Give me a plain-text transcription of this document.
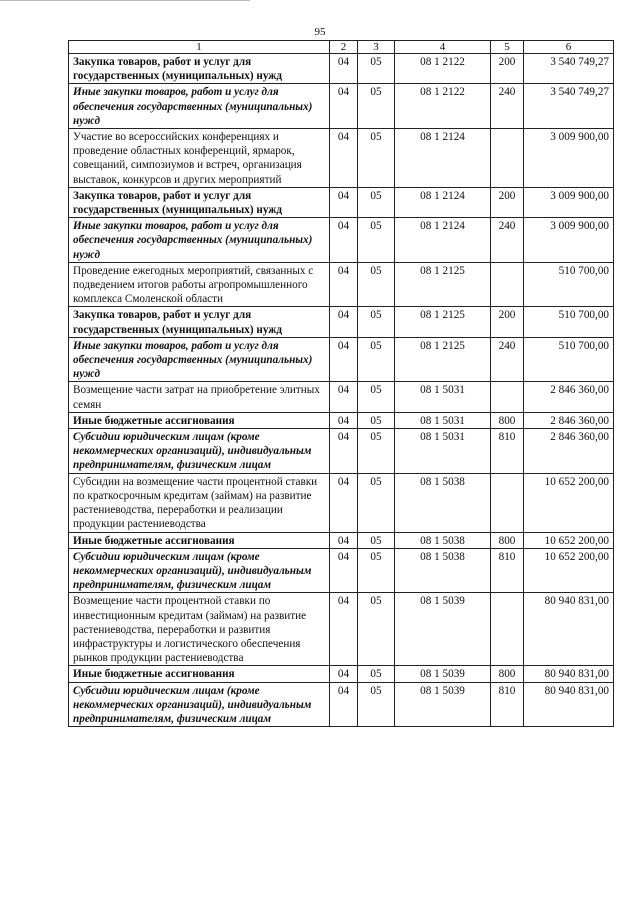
95
1	2	3	4	5	6
Закупка товаров, работ и услуг для государственных (муниципальных) нужд	04	05	08 1 2122	200	3 540 749,27
Иные закупки товаров, работ и услуг для обеспечения государственных (муниципальных) нужд	04	05	08 1 2122	240	3 540 749,27
Участие во всероссийских конференциях и проведение областных конференций, ярмарок, совещаний, симпозиумов и встреч, организация выставок, конкурсов и других мероприятий	04	05	08 1 2124		3 009 900,00
Закупка товаров, работ и услуг для государственных (муниципальных) нужд	04	05	08 1 2124	200	3 009 900,00
Иные закупки товаров, работ и услуг для обеспечения государственных (муниципальных) нужд	04	05	08 1 2124	240	3 009 900,00
Проведение ежегодных мероприятий, связанных с подведением итогов работы агропромышленного комплекса Смоленской области	04	05	08 1 2125		510 700,00
Закупка товаров, работ и услуг для государственных (муниципальных) нужд	04	05	08 1 2125	200	510 700,00
Иные закупки товаров, работ и услуг для обеспечения государственных (муниципальных) нужд	04	05	08 1 2125	240	510 700,00
Возмещение части затрат на приобретение элитных семян	04	05	08 1 5031		2 846 360,00
Иные бюджетные ассигнования	04	05	08 1 5031	800	2 846 360,00
Субсидии юридическим лицам (кроме некоммерческих организаций), индивидуальным предпринимателям, физическим лицам	04	05	08 1 5031	810	2 846 360,00
Субсидии на возмещение части процентной ставки по краткосрочным кредитам (займам) на развитие растениеводства, переработки и реализации продукции растениеводства	04	05	08 1 5038		10 652 200,00
Иные бюджетные ассигнования	04	05	08 1 5038	800	10 652 200,00
Субсидии юридическим лицам (кроме некоммерческих организаций), индивидуальным предпринимателям, физическим лицам	04	05	08 1 5038	810	10 652 200,00
Возмещение части процентной ставки по инвестиционным кредитам (займам) на развитие растениеводства, переработки и развития инфраструктуры и логистического обеспечения рынков продукции растениеводства	04	05	08 1 5039		80 940 831,00
Иные бюджетные ассигнования	04	05	08 1 5039	800	80 940 831,00
Субсидии юридическим лицам (кроме некоммерческих организаций), индивидуальным предпринимателям, физическим лицам	04	05	08 1 5039	810	80 940 831,00
